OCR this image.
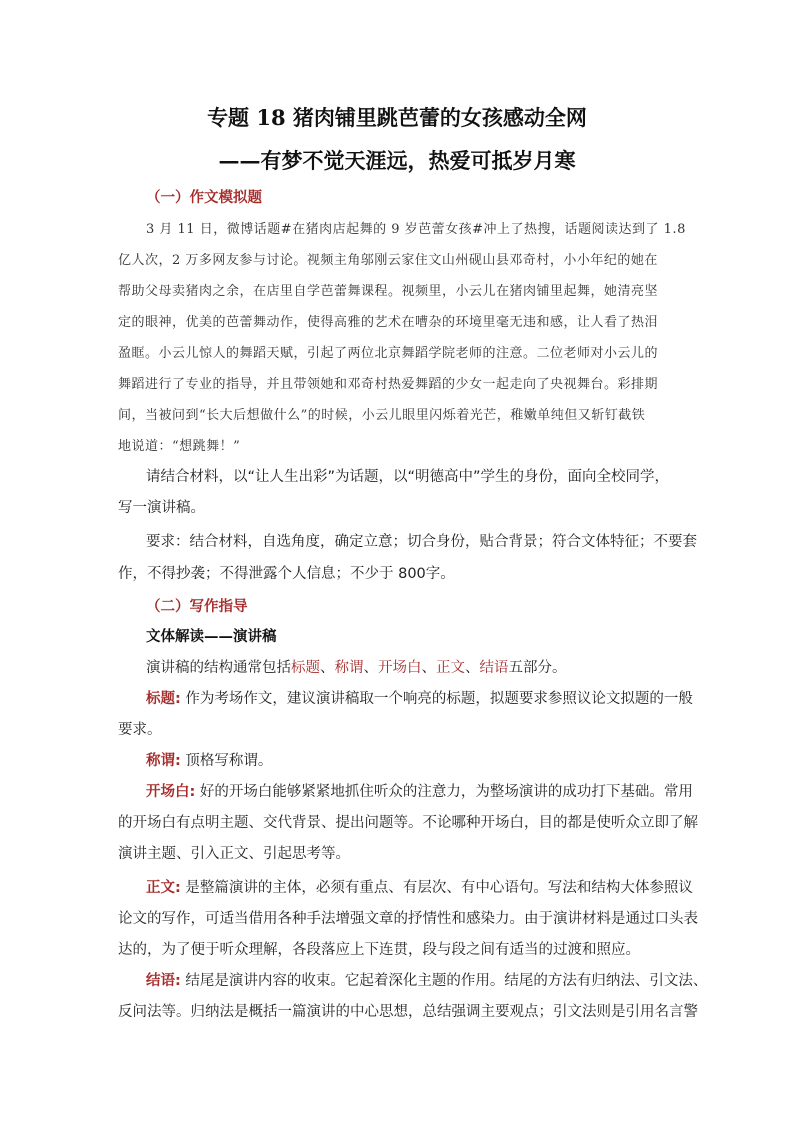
专题 18 猪肉铺里跳芭蕾的女孩感动全网
——有梦不觉天涯远，热爱可抵岁月寒
（一）作文模拟题
3 月 11 日，微博话题#在猪肉店起舞的 9 岁芭蕾女孩#冲上了热搜，话题阅读达到了 1.8
亿人次，2 万多网友参与讨论。视频主角邬刚云家住文山州砚山县邓奇村，小小年纪的她在
帮助父母卖猪肉之余，在店里自学芭蕾舞课程。视频里，小云儿在猪肉铺里起舞，她清亮坚
定的眼神，优美的芭蕾舞动作，使得高雅的艺术在嘈杂的环境里毫无违和感，让人看了热泪
盈眶。小云儿惊人的舞蹈天赋，引起了两位北京舞蹈学院老师的注意。二位老师对小云儿的
舞蹈进行了专业的指导，并且带领她和邓奇村热爱舞蹈的少女一起走向了央视舞台。彩排期
间，当被问到“长大后想做什么”的时候，小云儿眼里闪烁着光芒，稚嫩单纯但又斩钉截铁
地说道：“想跳舞！”
请结合材料，以“让人生出彩”为话题，以“明德高中”学生的身份，面向全校同学，
写一演讲稿。
要求：结合材料，自选角度，确定立意；切合身份，贴合背景；符合文体特征；不要套
作，不得抄袭；不得泄露个人信息；不少于 800字。
（二）写作指导
文体解读——演讲稿
演讲稿的结构通常包括标题、称谓、开场白、正文、结语五部分。
标题: 作为考场作文，建议演讲稿取一个响亮的标题，拟题要求参照议论文拟题的一般
要求。
称谓: 顶格写称谓。
开场白: 好的开场白能够紧紧地抓住听众的注意力，为整场演讲的成功打下基础。常用
的开场白有点明主题、交代背景、提出问题等。不论哪种开场白，目的都是使听众立即了解
演讲主题、引入正文、引起思考等。
正文: 是整篇演讲的主体，必须有重点、有层次、有中心语句。写法和结构大体参照议
论文的写作，可适当借用各种手法增强文章的抒情性和感染力。由于演讲材料是通过口头表
达的，为了便于听众理解，各段落应上下连贯，段与段之间有适当的过渡和照应。
结语: 结尾是演讲内容的收束。它起着深化主题的作用。结尾的方法有归纳法、引文法、
反问法等。归纳法是概括一篇演讲的中心思想，总结强调主要观点；引文法则是引用名言警
